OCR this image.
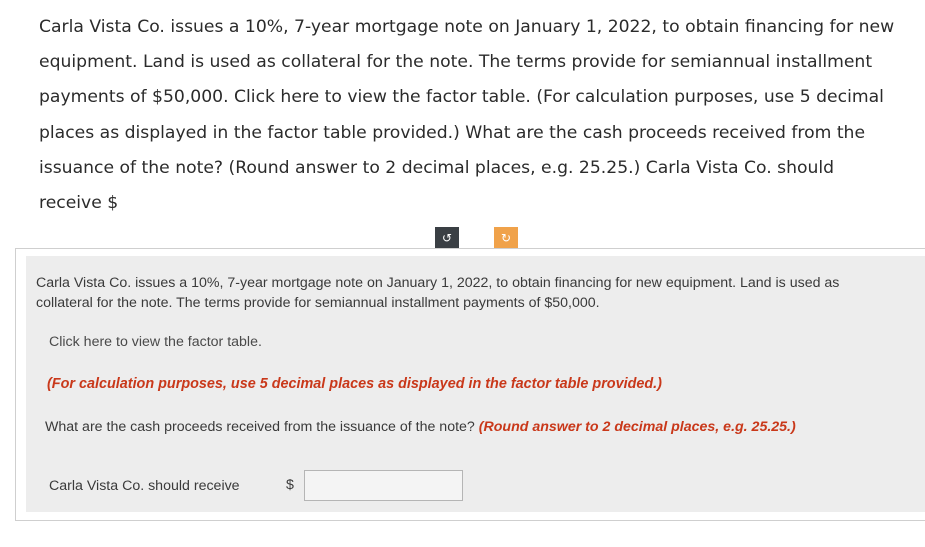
Carla Vista Co. issues a 10%, 7-year mortgage note on January 1, 2022, to obtain financing for new equipment. Land is used as collateral for the note. The terms provide for semiannual installment payments of $50,000. Click here to view the factor table. (For calculation purposes, use 5 decimal places as displayed in the factor table provided.) What are the cash proceeds received from the issuance of the note? (Round answer to 2 decimal places, e.g. 25.25.) Carla Vista Co. should receive $

↺	↻

Carla Vista Co. issues a 10%, 7-year mortgage note on January 1, 2022, to obtain financing for new equipment. Land is used as collateral for the note. The terms provide for semiannual installment payments of $50,000.

Click here to view the factor table.
(For calculation purposes, use 5 decimal places as displayed in the factor table provided.)
What are the cash proceeds received from the issuance of the note? (Round answer to 2 decimal places, e.g. 25.25.)
Carla Vista Co. should receive	$
